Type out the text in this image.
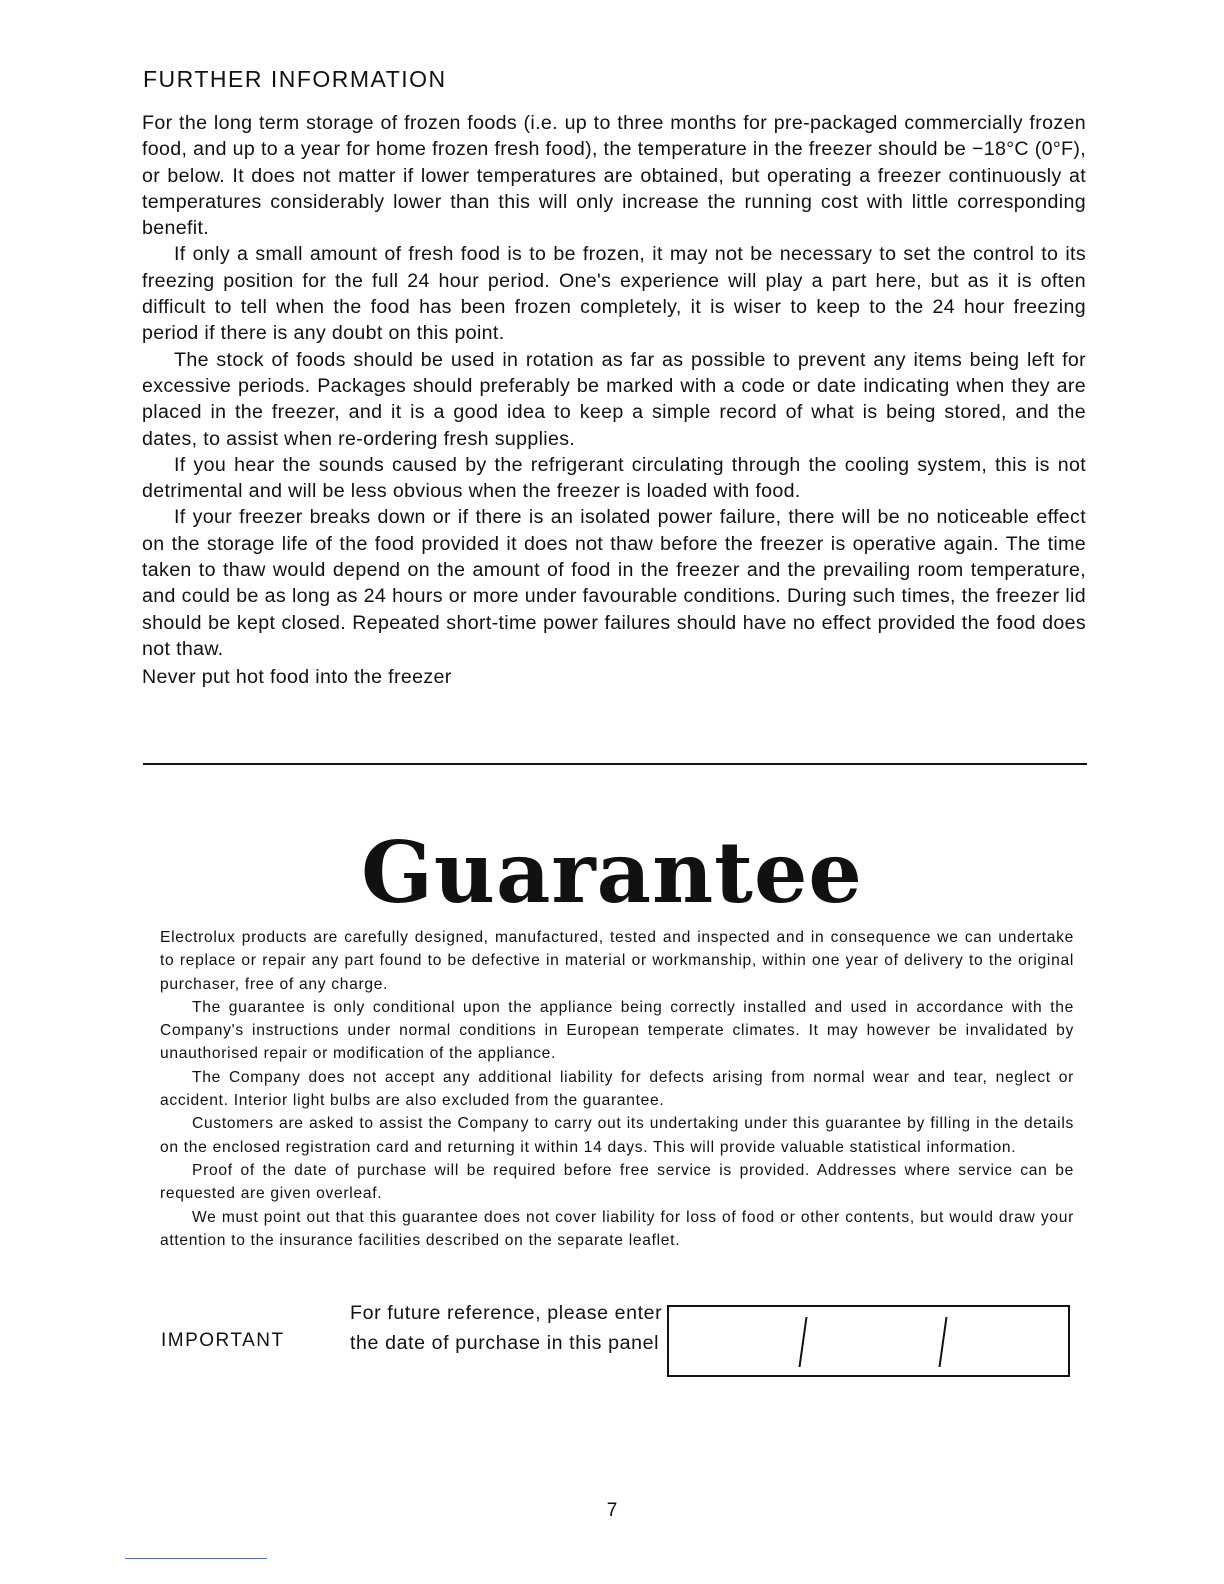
FURTHER INFORMATION

For the long term storage of frozen foods (i.e. up to three months for pre-packaged commercially frozen food, and up to a year for home frozen fresh food), the temperature in the freezer should be −18°C (0°F), or below. It does not matter if lower temperatures are obtained, but operating a freezer continuously at temperatures considerably lower than this will only increase the running cost with little corresponding benefit.

If only a small amount of fresh food is to be frozen, it may not be necessary to set the control to its freezing position for the full 24 hour period. One's experience will play a part here, but as it is often difficult to tell when the food has been frozen completely, it is wiser to keep to the 24 hour freezing period if there is any doubt on this point.

The stock of foods should be used in rotation as far as possible to prevent any items being left for excessive periods. Packages should preferably be marked with a code or date indicating when they are placed in the freezer, and it is a good idea to keep a simple record of what is being stored, and the dates, to assist when re-ordering fresh supplies.

If you hear the sounds caused by the refrigerant circulating through the cooling system, this is not detrimental and will be less obvious when the freezer is loaded with food.

If your freezer breaks down or if there is an isolated power failure, there will be no noticeable effect on the storage life of the food provided it does not thaw before the freezer is operative again. The time taken to thaw would depend on the amount of food in the freezer and the prevailing room temperature, and could be as long as 24 hours or more under favourable conditions. During such times, the freezer lid should be kept closed. Repeated short-time power failures should have no effect provided the food does not thaw.

Never put hot food into the freezer

Guarantee

Electrolux products are carefully designed, manufactured, tested and inspected and in consequence we can undertake to replace or repair any part found to be defective in material or workmanship, within one year of delivery to the original purchaser, free of any charge.

The guarantee is only conditional upon the appliance being correctly installed and used in accordance with the Company's instructions under normal conditions in European temperate climates. It may however be invalidated by unauthorised repair or modification of the appliance.

The Company does not accept any additional liability for defects arising from normal wear and tear, neglect or accident. Interior light bulbs are also excluded from the guarantee.

Customers are asked to assist the Company to carry out its undertaking under this guarantee by filling in the details on the enclosed registration card and returning it within 14 days. This will provide valuable statistical information.

Proof of the date of purchase will be required before free service is provided. Addresses where service can be requested are given overleaf.

We must point out that this guarantee does not cover liability for loss of food or other contents, but would draw your attention to the insurance facilities described on the separate leaflet.

IMPORTANT
For future reference, please enter the date of purchase in this panel
7
